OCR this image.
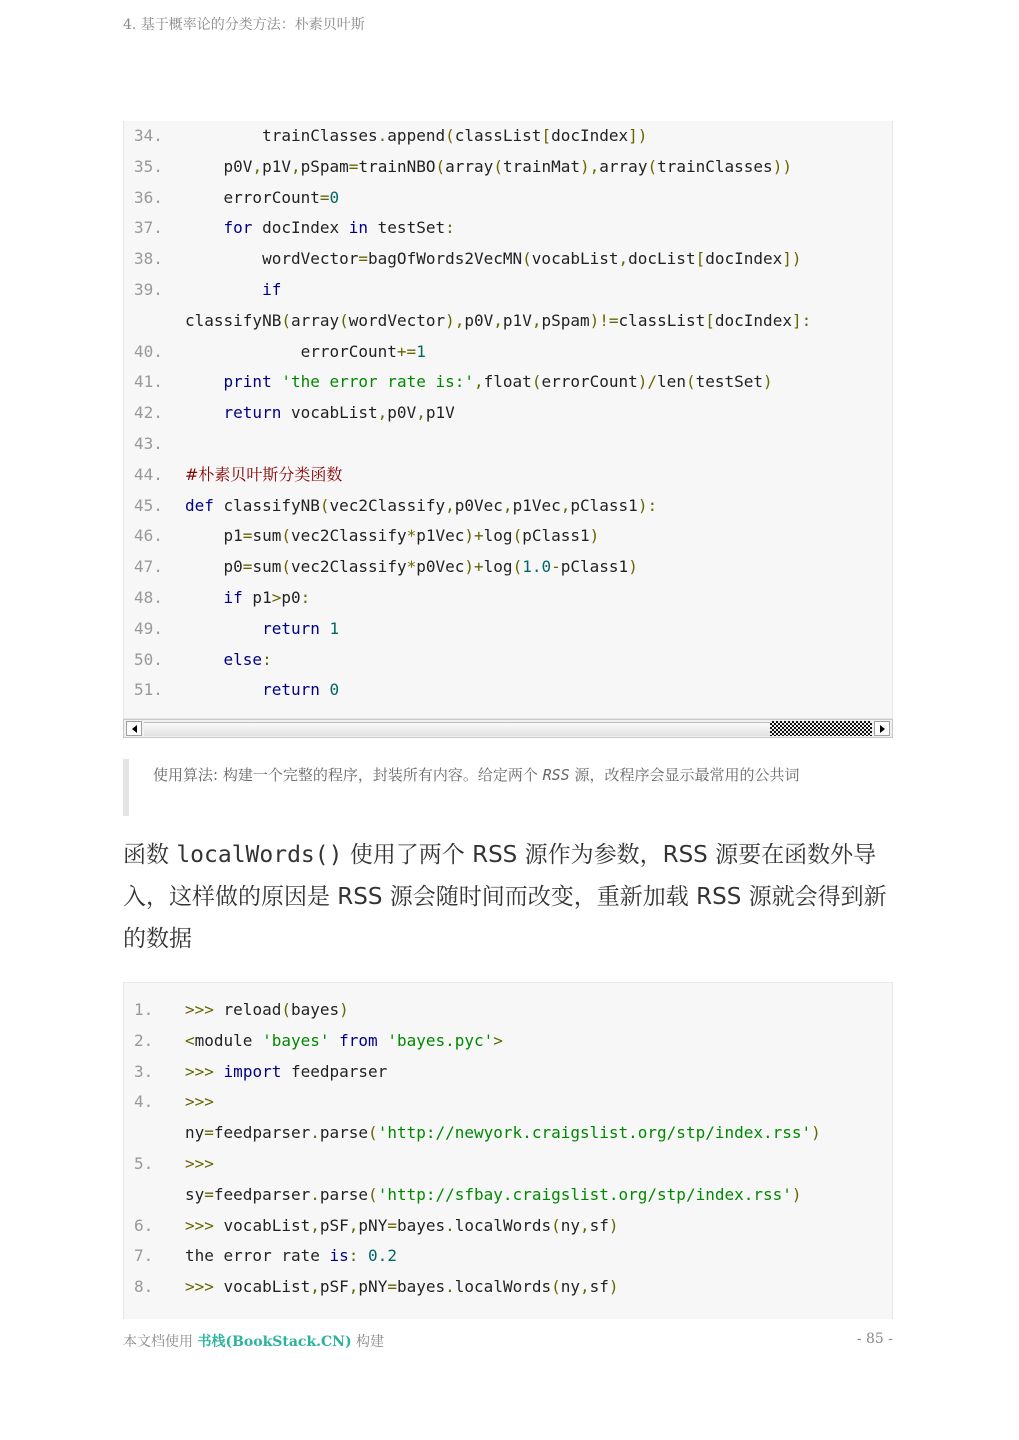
4. 基于概率论的分类方法：朴素贝叶斯
34. trainClasses.append(classList[docIndex])
35. p0V,p1V,pSpam=trainNBO(array(trainMat),array(trainClasses))
36. errorCount=0
37. for docIndex in testSet:
38. wordVector=bagOfWords2VecMN(vocabList,docList[docIndex])
39. if
classifyNB(array(wordVector),p0V,p1V,pSpam)!=classList[docIndex]:
40. errorCount+=1
41. print 'the error rate is:',float(errorCount)/len(testSet)
42. return vocabList,p0V,p1V
43.
44. #朴素贝叶斯分类函数
45. def classifyNB(vec2Classify,p0Vec,p1Vec,pClass1):
46. p1=sum(vec2Classify*p1Vec)+log(pClass1)
47. p0=sum(vec2Classify*p0Vec)+log(1.0-pClass1)
48. if p1>p0:
49. return 1
50. else:
51. return 0
使用算法: 构建一个完整的程序，封装所有内容。给定两个 RSS 源，改程序会显示最常用的公共词
函数 localWords() 使用了两个 RSS 源作为参数，RSS 源要在函数外导入，这样做的原因是 RSS 源会随时间而改变，重新加载 RSS 源就会得到新的数据
1. >>> reload(bayes)
2. <module 'bayes' from 'bayes.pyc'>
3. >>> import feedparser
4. >>>
ny=feedparser.parse('http://newyork.craigslist.org/stp/index.rss')
5. >>>
sy=feedparser.parse('http://sfbay.craigslist.org/stp/index.rss')
6. >>> vocabList,pSF,pNY=bayes.localWords(ny,sf)
7. the error rate is: 0.2
8. >>> vocabList,pSF,pNY=bayes.localWords(ny,sf)
本文档使用 书栈(BookStack.CN) 构建	- 85 -
